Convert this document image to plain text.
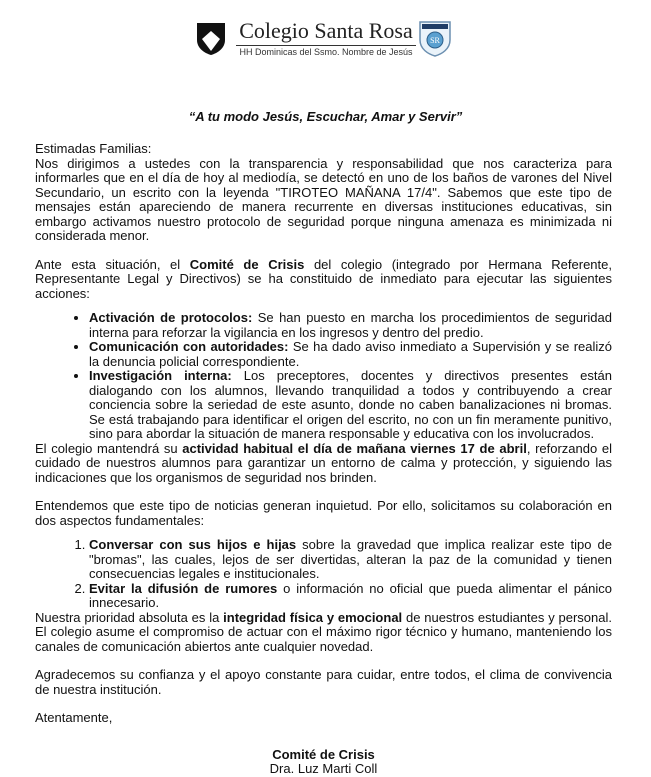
Colegio Santa Rosa
HH Dominicas del Ssmo. Nombre de Jesús
SR
“A tu modo Jesús, Escuchar, Amar y Servir”

Estimadas Familias:

Nos dirigimos a ustedes con la transparencia y responsabilidad que nos caracteriza para informarles que en el día de hoy al mediodía, se detectó en uno de los baños de varones del Nivel Secundario, un escrito con la leyenda "TIROTEO MAÑANA 17/4". Sabemos que este tipo de mensajes están apareciendo de manera recurrente en diversas instituciones educativas, sin embargo activamos nuestro protocolo de seguridad porque ninguna amenaza es minimizada ni considerada menor.

Ante esta situación, el Comité de Crisis del colegio (integrado por Hermana Referente, Representante Legal y Directivos) se ha constituido de inmediato para ejecutar las siguientes acciones:

• Activación de protocolos: Se han puesto en marcha los procedimientos de seguridad interna para reforzar la vigilancia en los ingresos y dentro del predio.
• Comunicación con autoridades: Se ha dado aviso inmediato a Supervisión y se realizó la denuncia policial correspondiente.
• Investigación interna: Los preceptores, docentes y directivos presentes están dialogando con los alumnos, llevando tranquilidad a todos y contribuyendo a crear conciencia sobre la seriedad de este asunto, donde no caben banalizaciones ni bromas. Se está trabajando para identificar el origen del escrito, no con un fin meramente punitivo, sino para abordar la situación de manera responsable y educativa con los involucrados.

El colegio mantendrá su actividad habitual el día de mañana viernes 17 de abril, reforzando el cuidado de nuestros alumnos para garantizar un entorno de calma y protección, y siguiendo las indicaciones que los organismos de seguridad nos brinden.

Entendemos que este tipo de noticias generan inquietud. Por ello, solicitamos su colaboración en dos aspectos fundamentales:

1. Conversar con sus hijos e hijas sobre la gravedad que implica realizar este tipo de "bromas", las cuales, lejos de ser divertidas, alteran la paz de la comunidad y tienen consecuencias legales e institucionales.
2. Evitar la difusión de rumores o información no oficial que pueda alimentar el pánico innecesario.

Nuestra prioridad absoluta es la integridad física y emocional de nuestros estudiantes y personal. El colegio asume el compromiso de actuar con el máximo rigor técnico y humano, manteniendo los canales de comunicación abiertos ante cualquier novedad.

Agradecemos su confianza y el apoyo constante para cuidar, entre todos, el clima de convivencia de nuestra institución.

Atentamente,

Comité de Crisis
Dra. Luz Marti Coll
